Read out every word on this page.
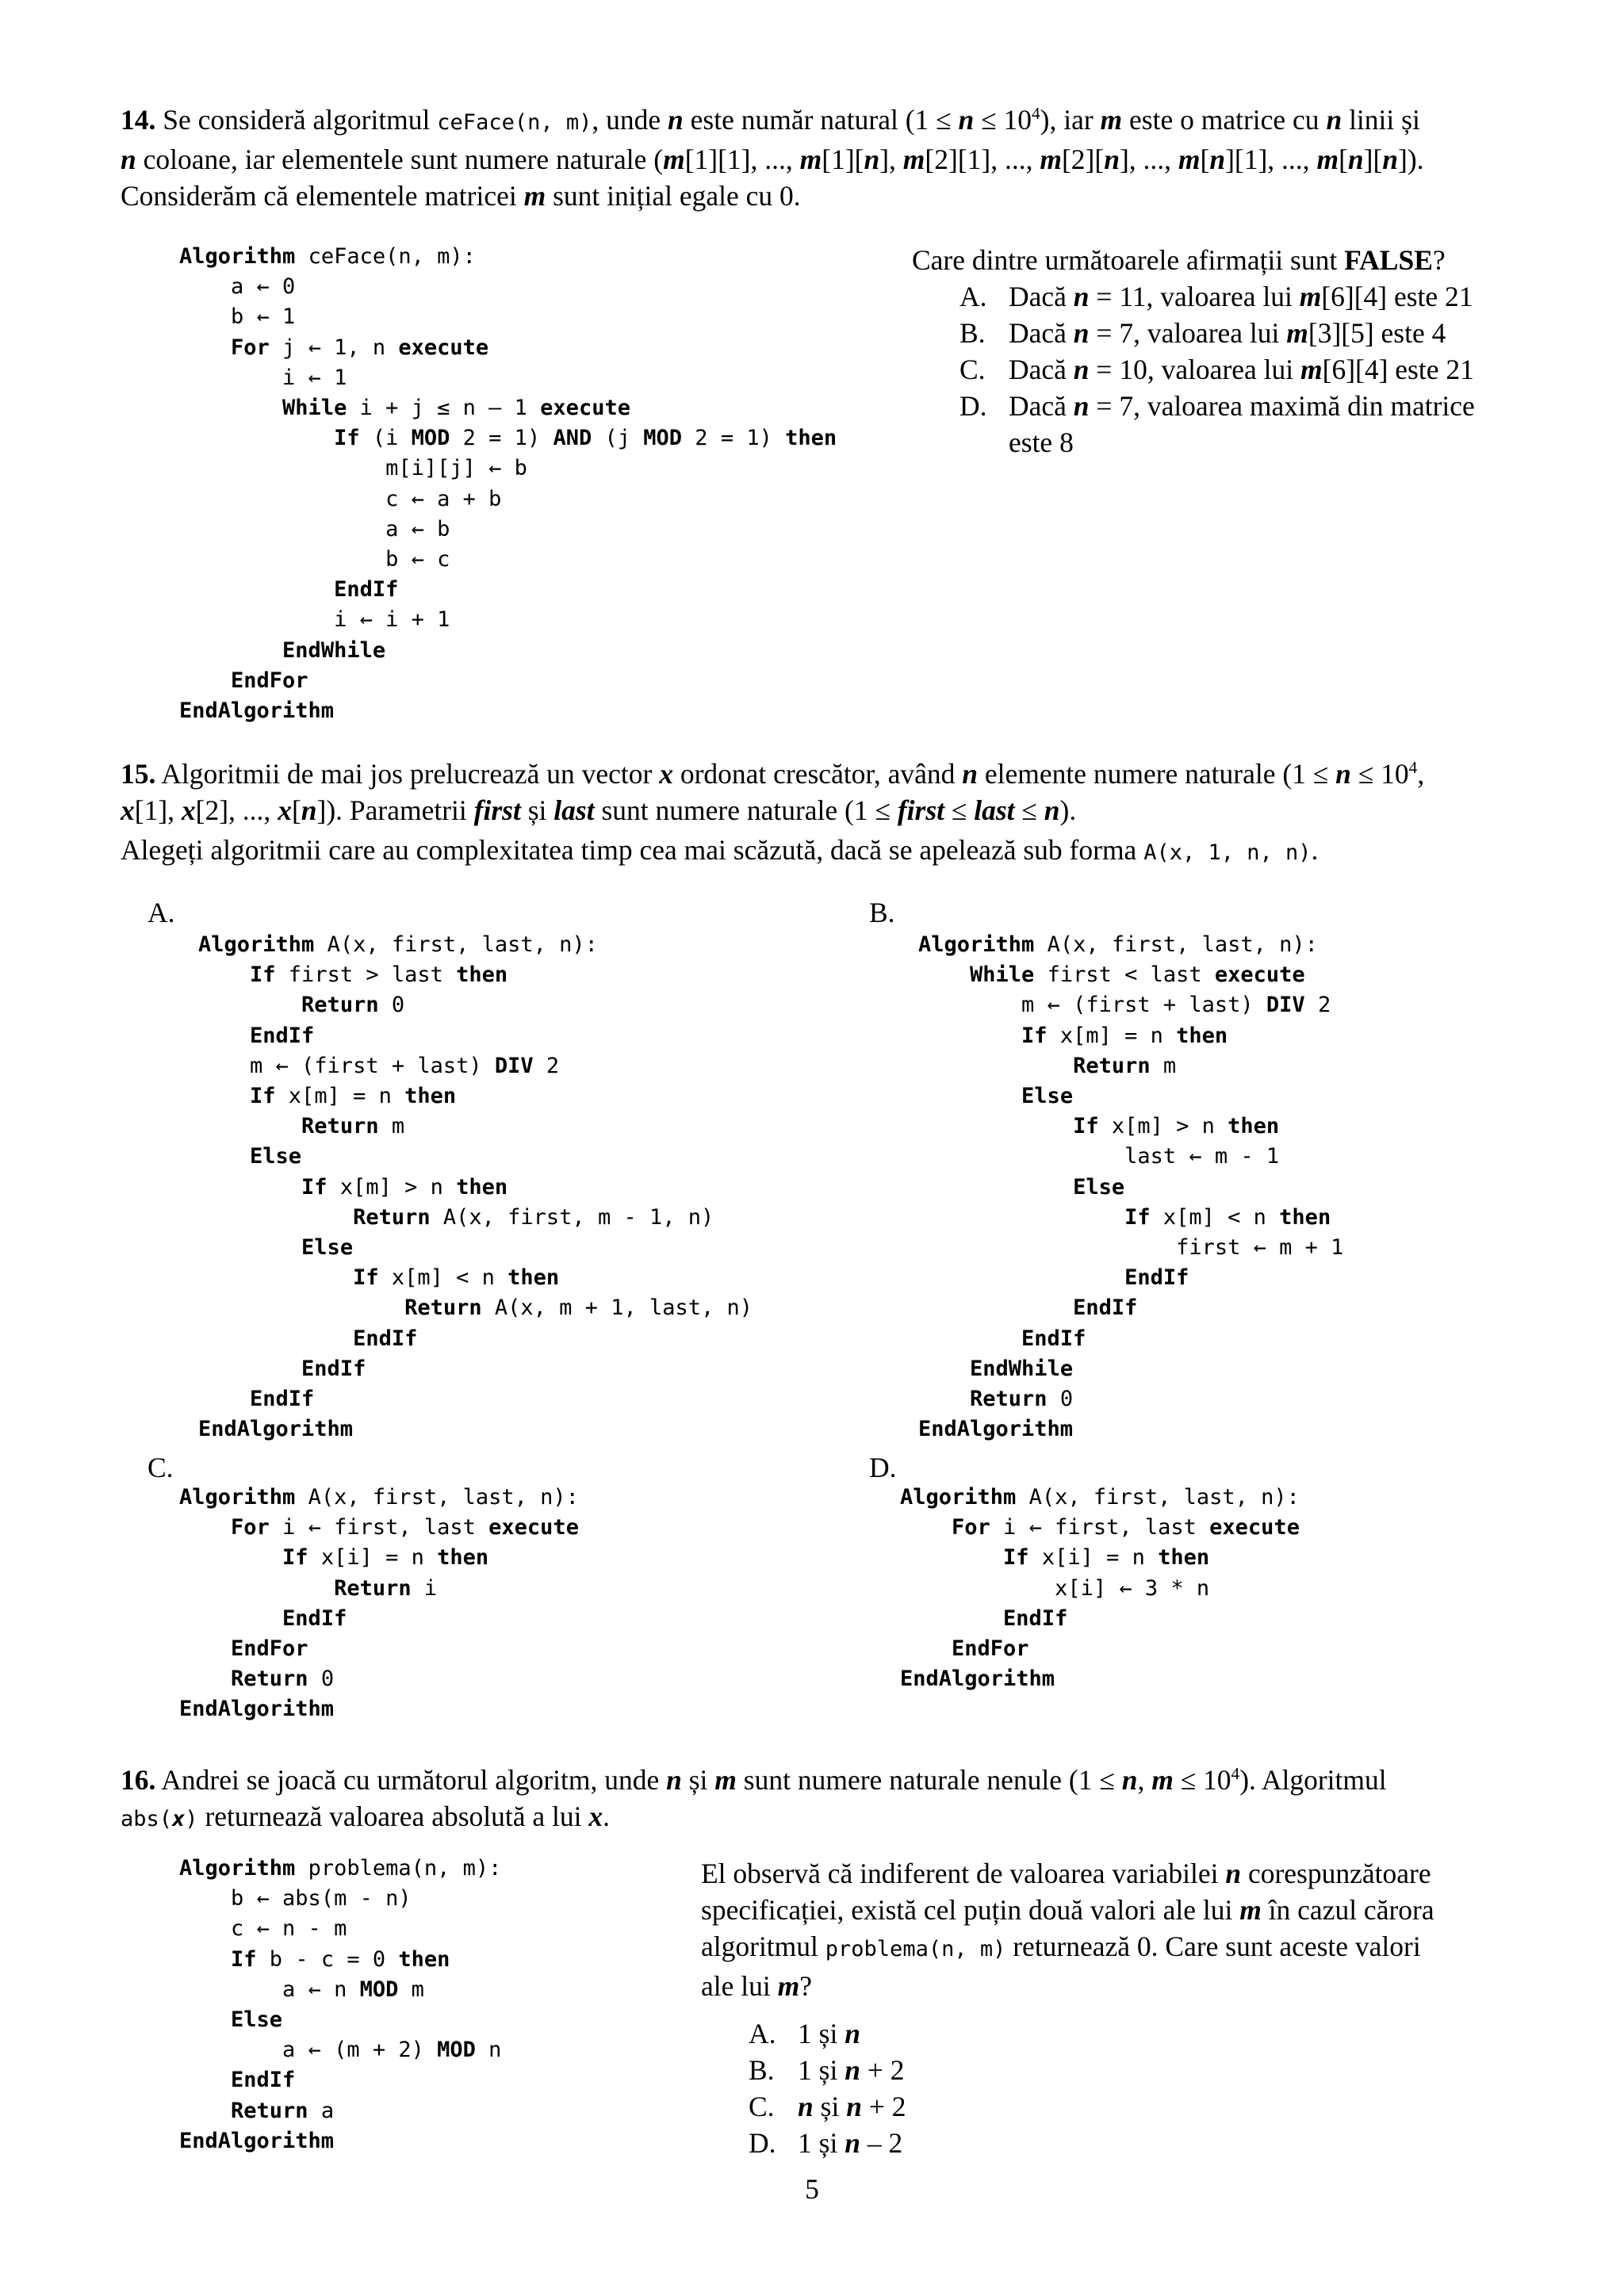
14. Se consideră algoritmul ceFace(n, m), unde n este număr natural $(1 \le n \le 10^4)$, iar m este o matrice cu n linii și
n coloane, iar elementele sunt numere naturale (m[1][1], ..., m[1][n], m[2][1], ..., m[2][n], ..., m[n][1], ..., m[n][n]).
Considerăm că elementele matricei m sunt inițial egale cu 0.
Algorithm ceFace(n, m):
a ← 0
b ← 1
For j ← 1, n execute
i ← 1
While i + j ≤ n – 1 execute
If (i MOD 2 = 1) AND (j MOD 2 = 1) then
m[i][j] ← b
c ← a + b
a ← b
b ← c
EndIf
i ← i + 1
EndWhile
EndFor
EndAlgorithm
Care dintre următoarele afirmații sunt FALSE?
A. Dacă n = 11, valoarea lui m[6][4] este 21
B. Dacă n = 7, valoarea lui m[3][5] este 4
C. Dacă n = 10, valoarea lui m[6][4] este 21
D. Dacă n = 7, valoarea maximă din matrice
este 8
15. Algoritmii de mai jos prelucrează un vector x ordonat crescător, având n elemente numere naturale ($1 \le n \le 10^4$,
x[1], x[2], ..., x[n]). Parametrii first și last sunt numere naturale (1 ≤ first ≤ last ≤ n).
Alegeți algoritmii care au complexitatea timp cea mai scăzută, dacă se apelează sub forma A(x, 1, n, n).
A.
Algorithm A(x, first, last, n):
If first > last then
Return 0
EndIf
m ← (first + last) DIV 2
If x[m] = n then
Return m
Else
If x[m] > n then
Return A(x, first, m - 1, n)
Else
If x[m] < n then
Return A(x, m + 1, last, n)
EndIf
EndIf
EndIf
EndAlgorithm
B.
Algorithm A(x, first, last, n):
While first < last execute
m ← (first + last) DIV 2
If x[m] = n then
Return m
Else
If x[m] > n then
last ← m - 1
Else
If x[m] < n then
first ← m + 1
EndIf
EndIf
EndIf
EndWhile
Return 0
EndAlgorithm
C.
Algorithm A(x, first, last, n):
For i ← first, last execute
If x[i] = n then
Return i
EndIf
EndFor
Return 0
EndAlgorithm
D.
Algorithm A(x, first, last, n):
For i ← first, last execute
If x[i] = n then
x[i] ← 3 * n
EndIf
EndFor
EndAlgorithm
16. Andrei se joacă cu următorul algoritm, unde n și m sunt numere naturale nenule (1 ≤ n, $m \le 10^4$). Algoritmul
abs(x) returnează valoarea absolută a lui x.
Algorithm problema(n, m):
b ← abs(m - n)
c ← n - m
If b - c = 0 then
a ← n MOD m
Else
a ← (m + 2) MOD n
EndIf
Return a
EndAlgorithm
El observă că indiferent de valoarea variabilei n corespunzătoare
specificației, există cel puțin două valori ale lui m în cazul cărora
algoritmul problema(n, m) returnează 0. Care sunt aceste valori
ale lui m?
A. 1 și n
B. 1 și n + 2
C. n și n + 2
D. 1 și n – 2
5
